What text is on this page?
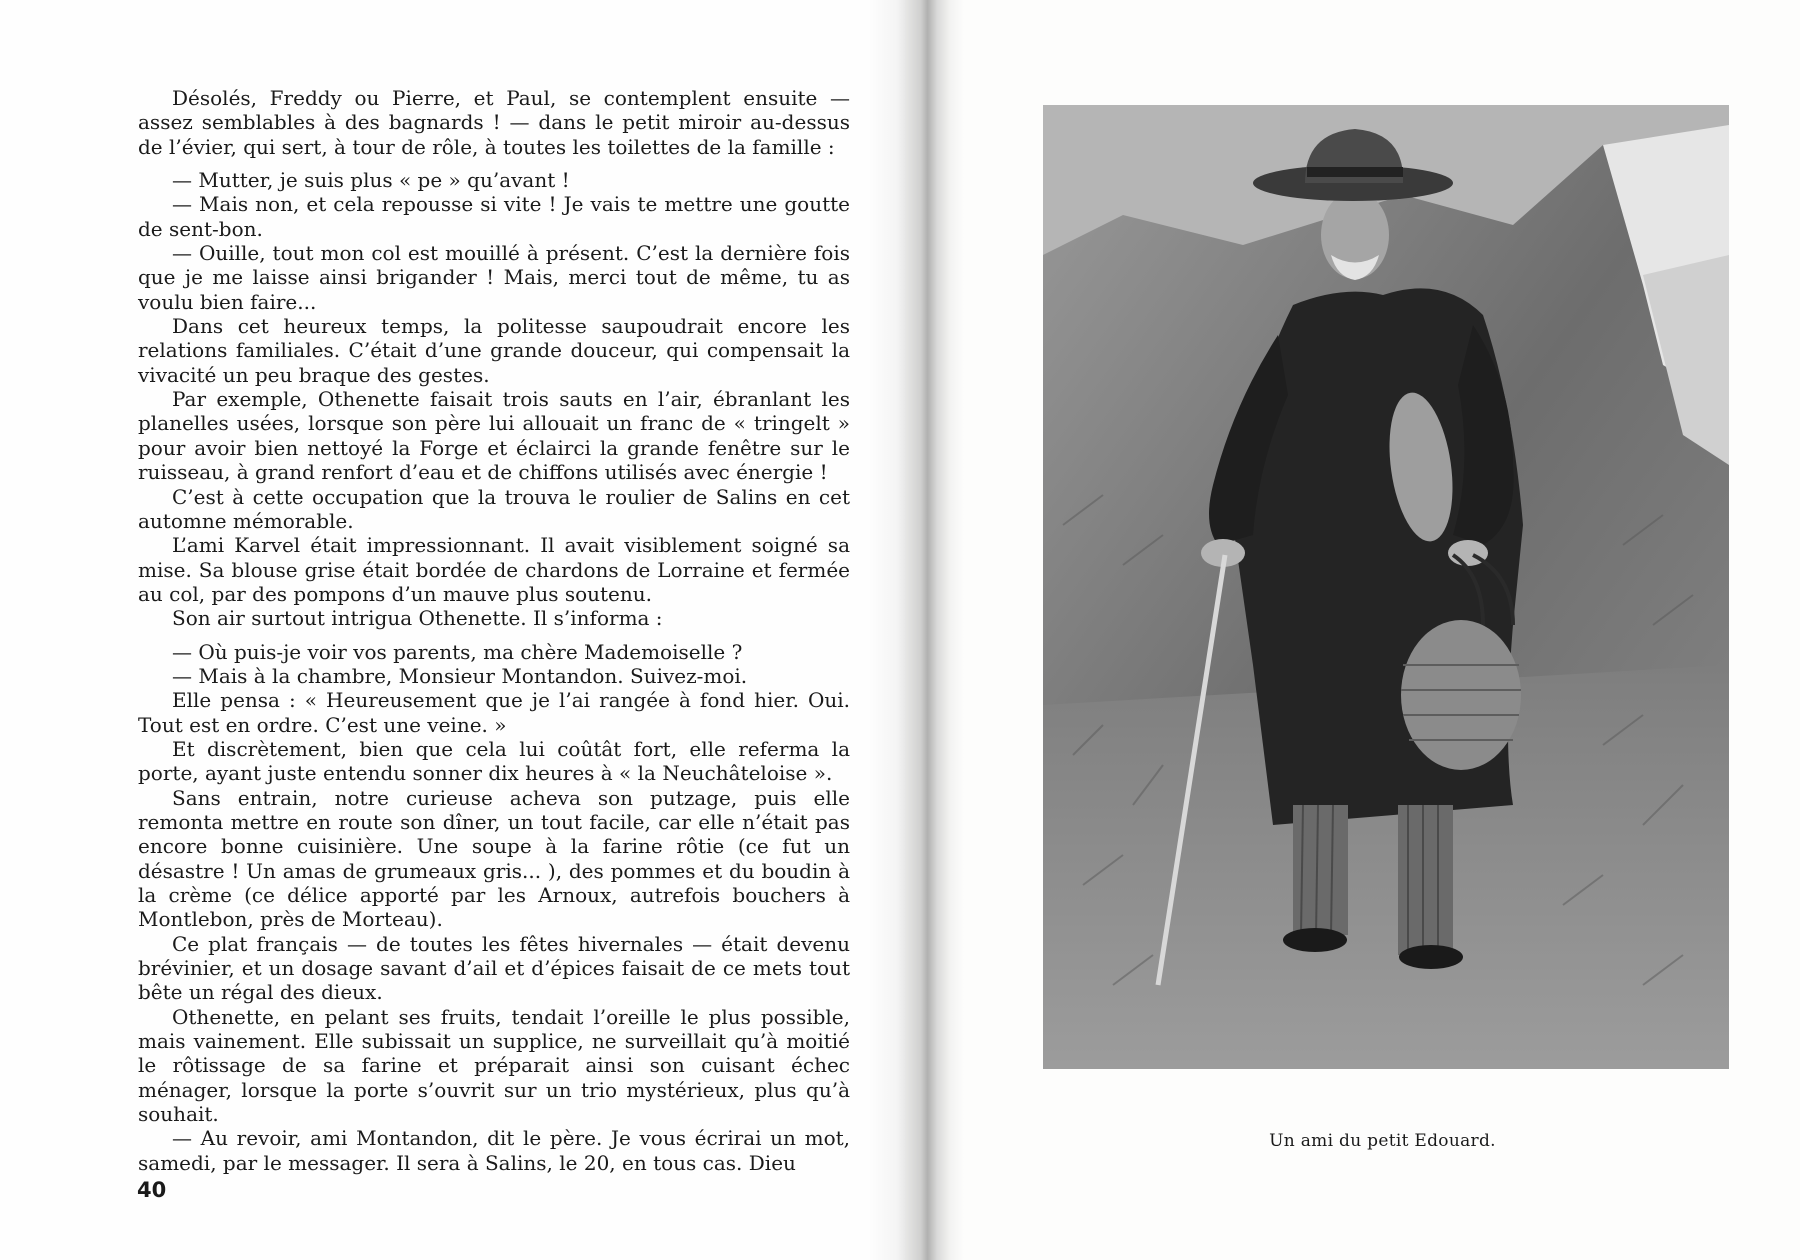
Désolés, Freddy ou Pierre, et Paul, se contemplent ensuite — assez semblables à des bagnards ! — dans le petit miroir au-dessus de l’évier, qui sert, à tour de rôle, à toutes les toilettes de la famille :

— Mutter, je suis plus « pe » qu’avant !

— Mais non, et cela repousse si vite ! Je vais te mettre une goutte de sent-bon.

— Ouille, tout mon col est mouillé à présent. C’est la dernière fois que je me laisse ainsi brigander ! Mais, merci tout de même, tu as voulu bien faire...

Dans cet heureux temps, la politesse saupoudrait encore les relations familiales. C’était d’une grande douceur, qui compensait la vivacité un peu braque des gestes.

Par exemple, Othenette faisait trois sauts en l’air, ébranlant les planelles usées, lorsque son père lui allouait un franc de « tringelt » pour avoir bien nettoyé la Forge et éclairci la grande fenêtre sur le ruisseau, à grand renfort d’eau et de chiffons utilisés avec énergie !

C’est à cette occupation que la trouva le roulier de Salins en cet automne mémorable.

L’ami Karvel était impressionnant. Il avait visiblement soigné sa mise. Sa blouse grise était bordée de chardons de Lorraine et fermée au col, par des pompons d’un mauve plus soutenu.

Son air surtout intrigua Othenette. Il s’informa :

— Où puis-je voir vos parents, ma chère Mademoiselle ?

— Mais à la chambre, Monsieur Montandon. Suivez-moi.

Elle pensa : « Heureusement que je l’ai rangée à fond hier. Oui. Tout est en ordre. C’est une veine. »

Et discrètement, bien que cela lui coûtât fort, elle referma la porte, ayant juste entendu sonner dix heures à « la Neuchâteloise ».

Sans entrain, notre curieuse acheva son putzage, puis elle remonta mettre en route son dîner, un tout facile, car elle n’était pas encore bonne cuisinière. Une soupe à la farine rôtie (ce fut un désastre ! Un amas de grumeaux gris... ), des pommes et du boudin à la crème (ce délice apporté par les Arnoux, autrefois bouchers à Montlebon, près de Morteau).

Ce plat français — de toutes les fêtes hivernales — était devenu brévinier, et un dosage savant d’ail et d’épices faisait de ce mets tout bête un régal des dieux.

Othenette, en pelant ses fruits, tendait l’oreille le plus possible, mais vainement. Elle subissait un supplice, ne surveillait qu’à moitié le rôtissage de sa farine et préparait ainsi son cuisant échec ménager, lorsque la porte s’ouvrit sur un trio mystérieux, plus qu’à souhait.

— Au revoir, ami Montandon, dit le père. Je vous écrirai un mot, samedi, par le messager. Il sera à Salins, le 20, en tous cas. Dieu

40
Un ami du petit Edouard.
